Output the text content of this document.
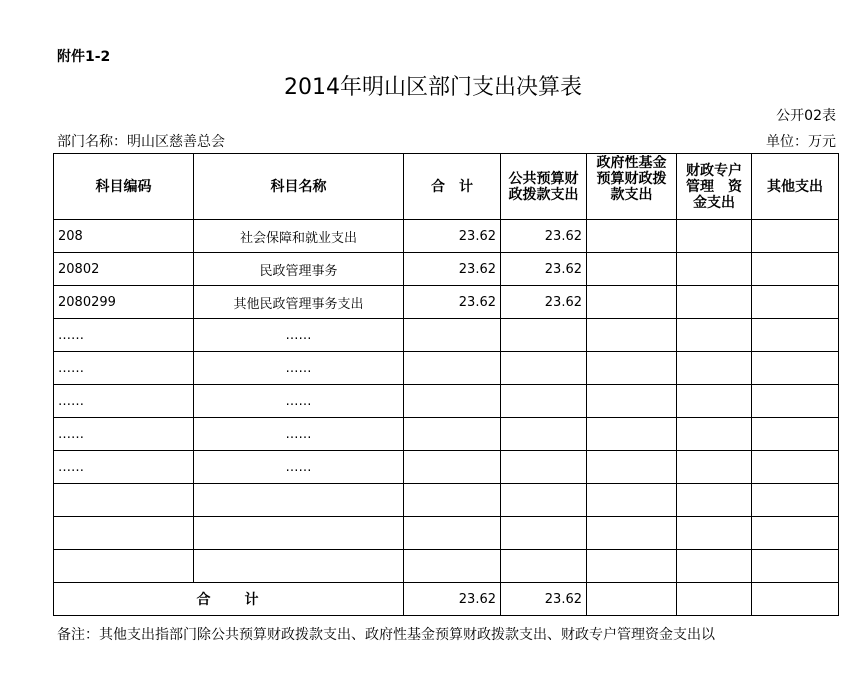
附件1-2
2014年明山区部门支出决算表
公开02表
部门名称：明山区慈善总会	单位：万元
科目编码	科目名称	合　计	公共预算财政拨款支出	政府性基金预算财政拨款支出	财政专户管理　资金支出	其他支出
208	社会保障和就业支出	23.62	23.62			
20802	民政管理事务	23.62	23.62			
2080299	其他民政管理事务支出	23.62	23.62			
……	……					
……	……					
……	……					
……	……					
……	……					

合　　计		23.62	23.62			
备注：其他支出指部门除公共预算财政拨款支出、政府性基金预算财政拨款支出、财政专户管理资金支出以
